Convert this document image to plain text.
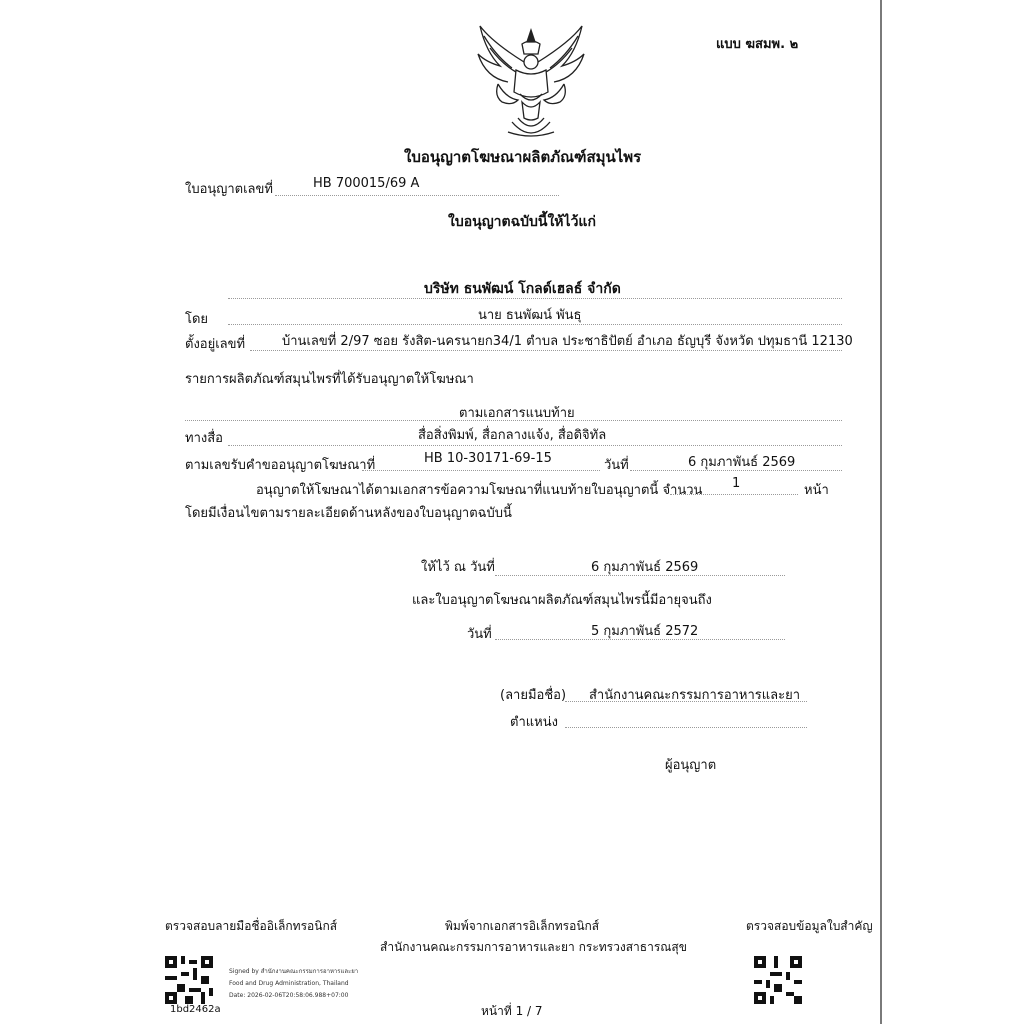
แบบ ฆสมพ. ๒
ใบอนุญาตโฆษณาผลิตภัณฑ์สมุนไพร
ใบอนุญาตเลขที่	HB 700015/69 A
ใบอนุญาตฉบับนี้ให้ไว้แก่
บริษัท ธนพัฒน์ โกลด์เฮลธ์ จำกัด
โดย	นาย ธนพัฒน์ พันธุ
ตั้งอยู่เลขที่	บ้านเลขที่ 2/97 ซอย รังสิต-นครนายก34/1 ตำบล ประชาธิปัตย์ อำเภอ ธัญบุรี จังหวัด ปทุมธานี 12130
รายการผลิตภัณฑ์สมุนไพรที่ได้รับอนุญาตให้โฆษณา
ตามเอกสารแนบท้าย
ทางสื่อ	สื่อสิ่งพิมพ์, สื่อกลางแจ้ง, สื่อดิจิทัล
ตามเลขรับคำขออนุญาตโฆษณาที่	HB 10-30171-69-15	วันที่	6 กุมภาพันธ์ 2569
อนุญาตให้โฆษณาได้ตามเอกสารข้อความโฆษณาที่แนบท้ายใบอนุญาตนี้ จำนวน 1	หน้า
โดยมีเงื่อนไขตามรายละเอียดด้านหลังของใบอนุญาตฉบับนี้
ให้ไว้ ณ วันที่	6 กุมภาพันธ์ 2569
และใบอนุญาตโฆษณาผลิตภัณฑ์สมุนไพรนี้มีอายุจนถึง
วันที่	5 กุมภาพันธ์ 2572
(ลายมือชื่อ) สำนักงานคณะกรรมการอาหารและยา
ตำแหน่ง
ผู้อนุญาต
ตรวจสอบลายมือชื่ออิเล็กทรอนิกส์	พิมพ์จากเอกสารอิเล็กทรอนิกส์	ตรวจสอบข้อมูลใบสำคัญ
สำนักงานคณะกรรมการอาหารและยา กระทรวงสาธารณสุข
1bd2462a
Signed by สำนักงานคณะกรรมการอาหารและยา
Food and Drug Administration, Thailand
Date: 2026-02-06T20:58:06.988+07:00
หน้าที่ 1 / 7
